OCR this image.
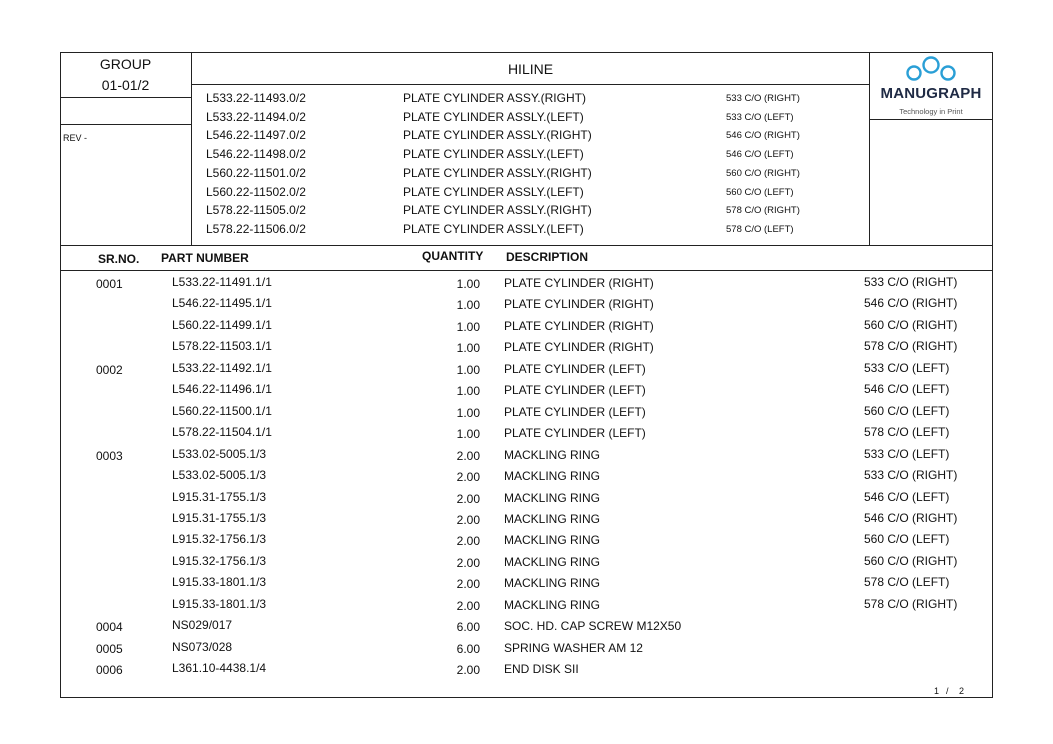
GROUP
01-01/2
REV -
HILINE
L533.22-11493.0/2	PLATE CYLINDER ASSY.(RIGHT)	533 C/O (RIGHT)
L533.22-11494.0/2	PLATE CYLINDER ASSLY.(LEFT)	533 C/O (LEFT)
L546.22-11497.0/2	PLATE CYLINDER ASSLY.(RIGHT)	546 C/O (RIGHT)
L546.22-11498.0/2	PLATE CYLINDER ASSLY.(LEFT)	546 C/O (LEFT)
L560.22-11501.0/2	PLATE CYLINDER ASSLY.(RIGHT)	560 C/O (RIGHT)
L560.22-11502.0/2	PLATE CYLINDER ASSLY.(LEFT)	560 C/O (LEFT)
L578.22-11505.0/2	PLATE CYLINDER ASSLY.(RIGHT)	578 C/O (RIGHT)
L578.22-11506.0/2	PLATE CYLINDER ASSLY.(LEFT)	578 C/O (LEFT)
MANUGRAPH
Technology in Print
SR.NO. PART NUMBER	QUANTITY DESCRIPTION
0001	L533.22-11491.1/1	1.00 PLATE CYLINDER (RIGHT)	533 C/O (RIGHT)
L546.22-11495.1/1	1.00 PLATE CYLINDER (RIGHT)	546 C/O (RIGHT)
L560.22-11499.1/1	1.00 PLATE CYLINDER (RIGHT)	560 C/O (RIGHT)
L578.22-11503.1/1	1.00 PLATE CYLINDER (RIGHT)	578 C/O (RIGHT)
0002	L533.22-11492.1/1	1.00 PLATE CYLINDER (LEFT)	533 C/O (LEFT)
L546.22-11496.1/1	1.00 PLATE CYLINDER (LEFT)	546 C/O (LEFT)
L560.22-11500.1/1	1.00 PLATE CYLINDER (LEFT)	560 C/O (LEFT)
L578.22-11504.1/1	1.00 PLATE CYLINDER (LEFT)	578 C/O (LEFT)
0003	L533.02-5005.1/3	2.00 MACKLING RING	533 C/O (LEFT)
L533.02-5005.1/3	2.00 MACKLING RING	533 C/O (RIGHT)
L915.31-1755.1/3	2.00 MACKLING RING	546 C/O (LEFT)
L915.31-1755.1/3	2.00 MACKLING RING	546 C/O (RIGHT)
L915.32-1756.1/3	2.00 MACKLING RING	560 C/O (LEFT)
L915.32-1756.1/3	2.00 MACKLING RING	560 C/O (RIGHT)
L915.33-1801.1/3	2.00 MACKLING RING	578 C/O (LEFT)
L915.33-1801.1/3	2.00 MACKLING RING	578 C/O (RIGHT)
0004	NS029/017	6.00 SOC. HD. CAP SCREW M12X50
0005	NS073/028	6.00 SPRING WASHER AM 12
0006	L361.10-4438.1/4	2.00 END DISK SII
1 / 2
